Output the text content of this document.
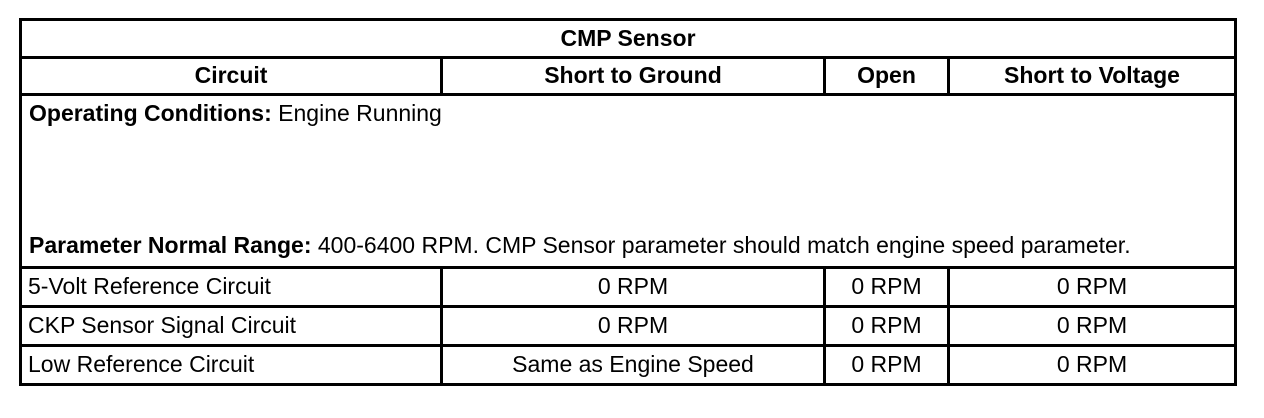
CMP Sensor			
Circuit	Short to Ground	Open	Short to Voltage

Operating Conditions: Engine Running
Parameter Normal Range: 400-6400 RPM. CMP Sensor parameter should match engine speed parameter.			

5-Volt Reference Circuit	0 RPM	0 RPM	0 RPM
CKP Sensor Signal Circuit	0 RPM	0 RPM	0 RPM
Low Reference Circuit	Same as Engine Speed	0 RPM	0 RPM
